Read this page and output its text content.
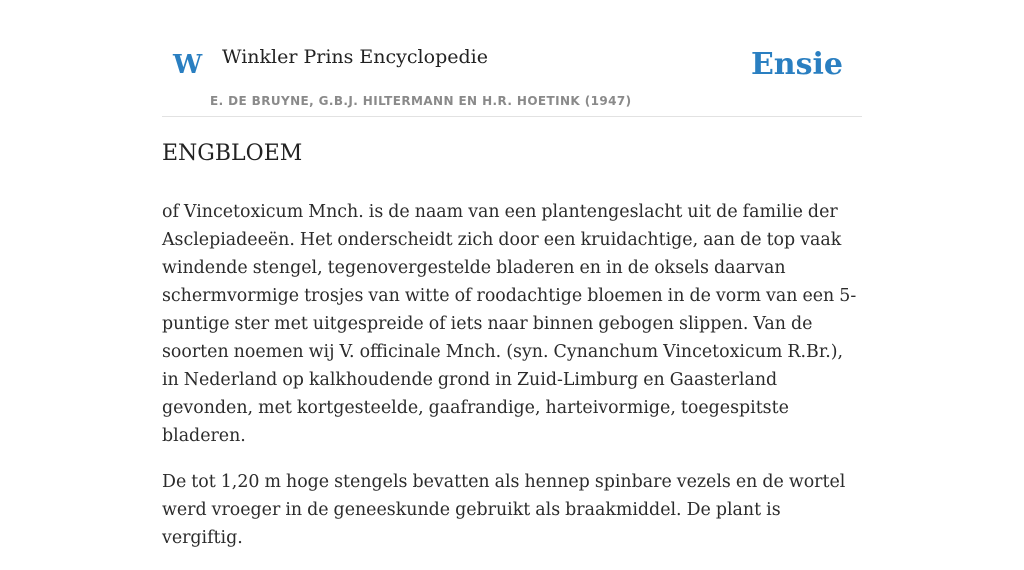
W Winkler Prins Encyclopedie
E. DE BRUYNE, G.B.J. HILTERMANN EN H.R. HOETINK (1947)
Ensie
ENGBLOEM

of Vincetoxicum Mnch. is de naam van een plantengeslacht uit de familie der Asclepiadeeën. Het onderscheidt zich door een kruidachtige, aan de top vaak windende stengel, tegenovergestelde bladeren en in de oksels daarvan schermvormige trosjes van witte of roodachtige bloemen in de vorm van een 5-puntige ster met uitgespreide of iets naar binnen gebogen slippen. Van de soorten noemen wij V. officinale Mnch. (syn. Cynanchum Vincetoxicum R.Br.), in Nederland op kalkhoudende grond in Zuid-Limburg en Gaasterland gevonden, met kortgesteelde, gaafrandige, harteivormige, toegespitste bladeren.

De tot 1,20 m hoge stengels bevatten als hennep spinbare vezels en de wortel werd vroeger in de geneeskunde gebruikt als braakmiddel. De plant is vergiftig.
